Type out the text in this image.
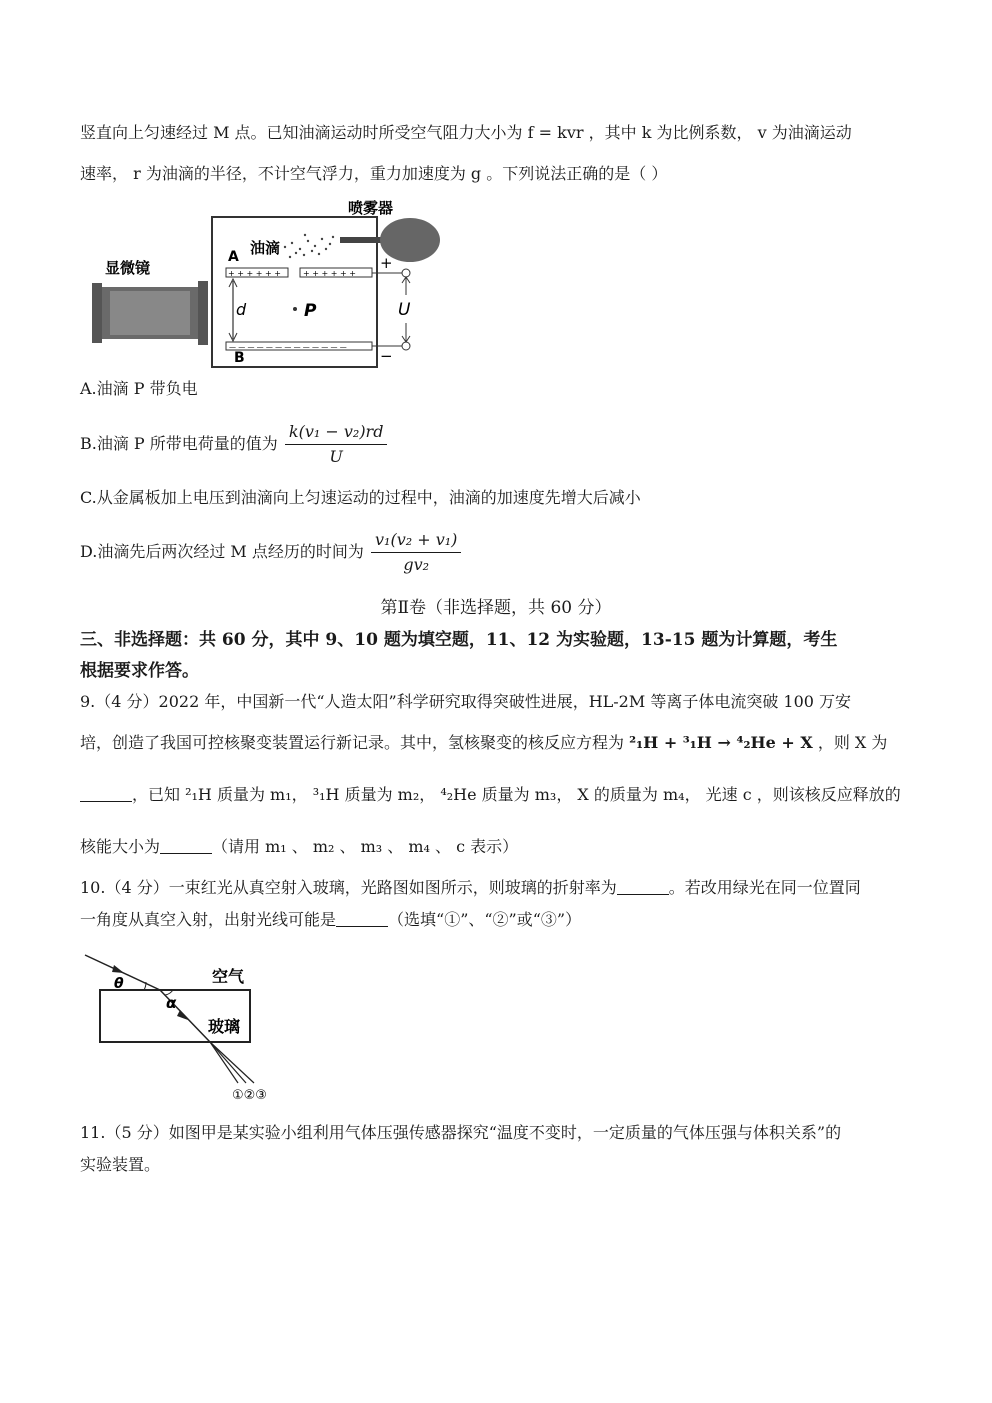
竖直向上匀速经过 M 点。已知油滴运动时所受空气阻力大小为 f = kvr ，其中 k 为比例系数， v 为油滴运动
速率， r 为油滴的半径，不计空气浮力，重力加速度为 g 。下列说法正确的是（ ）
显微镜
喷雾器
油滴
A
+ + + + + +	+ + + + + +
— — — — — — — — — — — — —
B
d	P	U
+
−
A.油滴 P 带负电
B.油滴 P 所带电荷量的值为 $\frac{\text{k(v₁ − v₂)rd}}{U}$
C.从金属板加上电压到油滴向上匀速运动的过程中，油滴的加速度先增大后减小
D.油滴先后两次经过 M 点经历的时间为 $\frac{\text{v₁(v₂ + v₁)}}{\text{gv₂}}$
第Ⅱ卷（非选择题，共 60 分）
三、非选择题：共 60 分，其中 9、10 题为填空题，11、12 为实验题，13-15 题为计算题，考生
根据要求作答。
9.（4 分）2022 年，中国新一代“人造太阳”科学研究取得突破性进展，HL-2M 等离子体电流突破 100 万安
培，创造了我国可控核聚变装置运行新记录。其中，氢核聚变的核反应方程为 ²₁H + ³₁H → ⁴₂He + X ，则 X 为
，已知 ²₁H 质量为 m₁， ³₁H 质量为 m₂， ⁴₂He 质量为 m₃， X 的质量为 m₄， 光速 c ，则该核反应释放的
核能大小为	（请用 m₁ 、 m₂ 、 m₃ 、 m₄ 、 c 表示）
10.（4 分）一束红光从真空射入玻璃，光路图如图所示，则玻璃的折射率为	。若改用绿光在同一位置同
一角度从真空入射，出射光线可能是	（选填“①”、“②”或“③”）
θ
α
空气
玻璃
①②③
11.（5 分）如图甲是某实验小组利用气体压强传感器探究“温度不变时，一定质量的气体压强与体积关系”的
实验装置。
